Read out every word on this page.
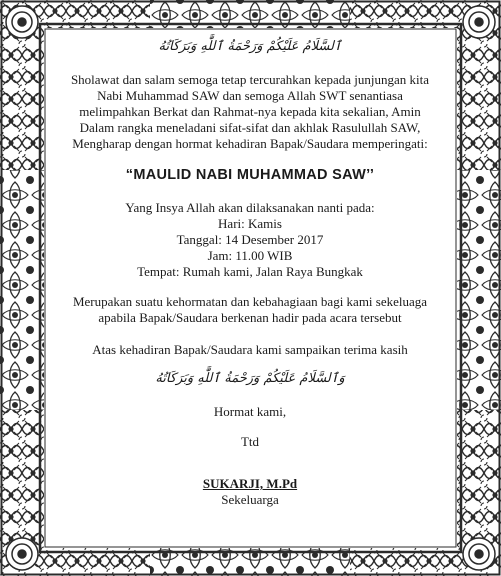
ٱلسَّلَامُ عَلَيْكُمْ وَرَحْمَةُ ٱللَّٰهِ وَبَرَكَاتُهُ
Sholawat dan salam semoga tetap tercurahkan kepada junjungan kita
Nabi Muhammad SAW dan semoga Allah SWT senantiasa
melimpahkan Berkat dan Rahmat-nya kepada kita sekalian, Amin
Dalam rangka meneladani sifat-sifat dan akhlak Rasulullah SAW,
Mengharap dengan hormat kehadiran Bapak/Saudara memperingati:
“MAULID NABI MUHAMMAD SAW’’
Yang Insya Allah akan dilaksanakan nanti pada:
Hari: Kamis
Tanggal: 14 Desember 2017
Jam: 11.00 WIB
Tempat: Rumah kami, Jalan Raya Bungkak
Merupakan suatu kehormatan dan kebahagiaan bagi kami sekeluaga
apabila Bapak/Saudara berkenan hadir pada acara tersebut
Atas kehadiran Bapak/Saudara kami sampaikan terima kasih
وَٱلسَّلَامُ عَلَيْكُمْ وَرَحْمَةُ ٱللَّٰهِ وَبَرَكَاتُهُ
Hormat kami,
Ttd
SUKARJI, M.Pd
Sekeluarga
